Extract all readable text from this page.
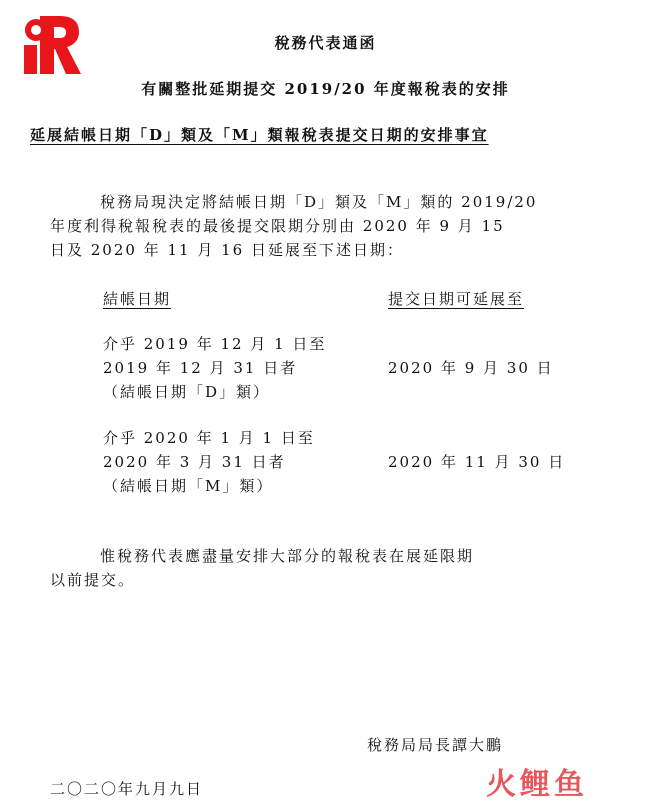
稅務代表通函
有關整批延期提交 2019/20 年度報稅表的安排
延展結帳日期「D」類及「M」類報稅表提交日期的安排事宜
稅務局現決定將結帳日期「D」類及「M」類的 2019/20
年度利得稅報稅表的最後提交限期分別由 2020 年 9 月 15
日及 2020 年 11 月 16 日延展至下述日期：
結帳日期	提交日期可延展至
介乎 2019 年 12 月 1 日至
2019 年 12 月 31 日者
（結帳日期「D」類）
2020 年 9 月 30 日
介乎 2020 年 1 月 1 日至
2020 年 3 月 31 日者
（結帳日期「M」類）
2020 年 11 月 30 日
惟稅務代表應盡量安排大部分的報稅表在展延限期
以前提交。
稅務局局長譚大鵬
二〇二〇年九月九日	火鲤鱼
